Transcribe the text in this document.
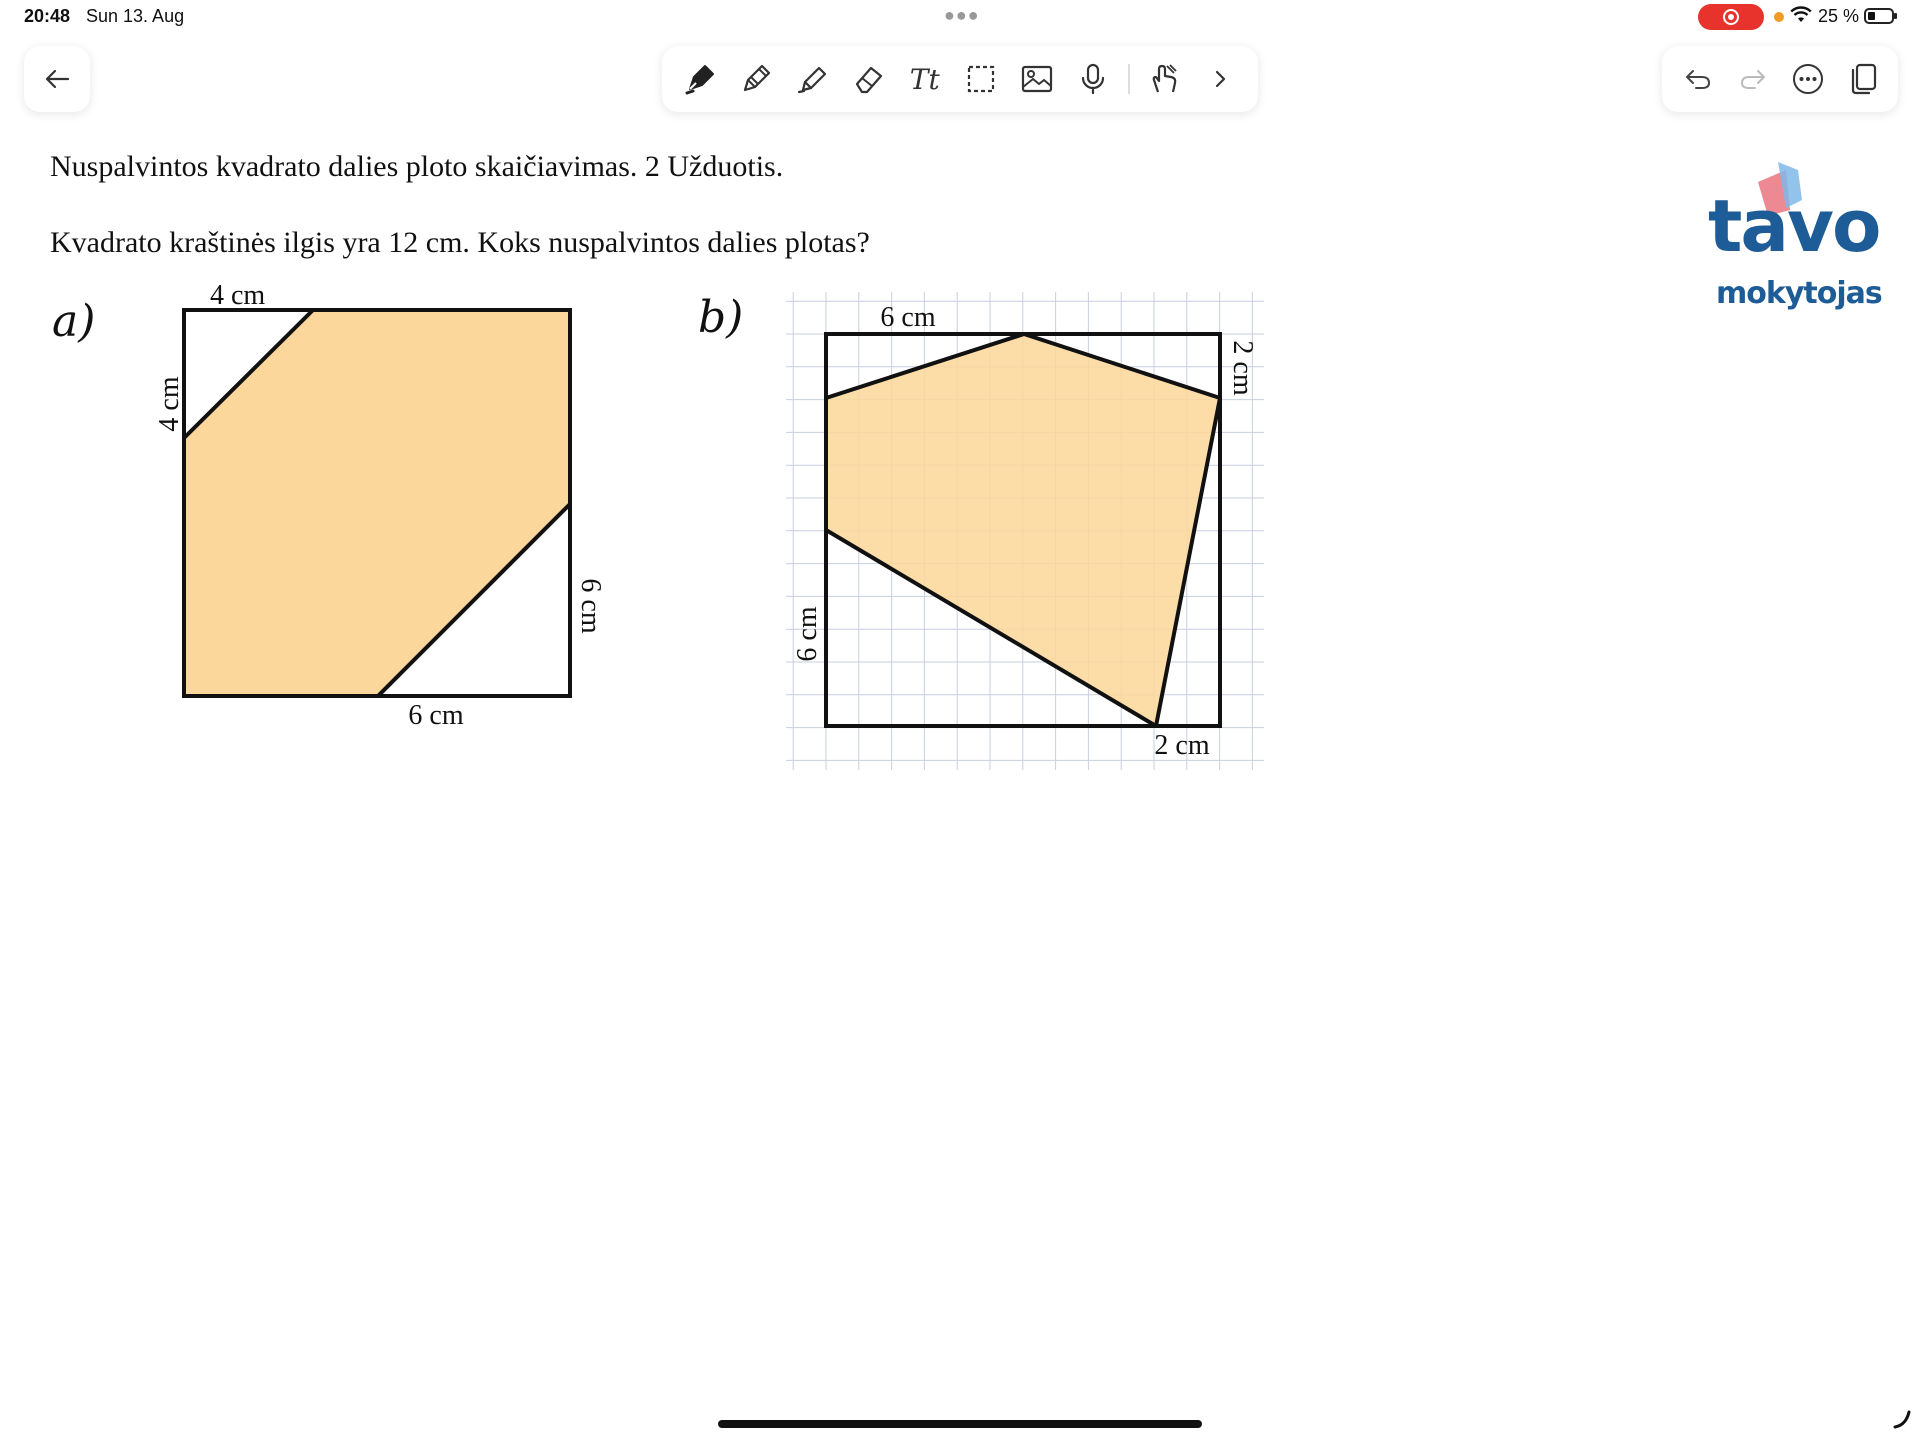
20:48 Sun 13. Aug	●●●	25 %
Tt
Nuspalvintos kvadrato dalies ploto skaičiavimas. 2 Užduotis.
Kvadrato kraštinės ilgis yra 12 cm. Koks nuspalvintos dalies plotas?
a)	b)
4 cm
4 cm
6 cm
6 cm
6 cm
2 cm
6 cm
2 cm
tavo
mokytojas
